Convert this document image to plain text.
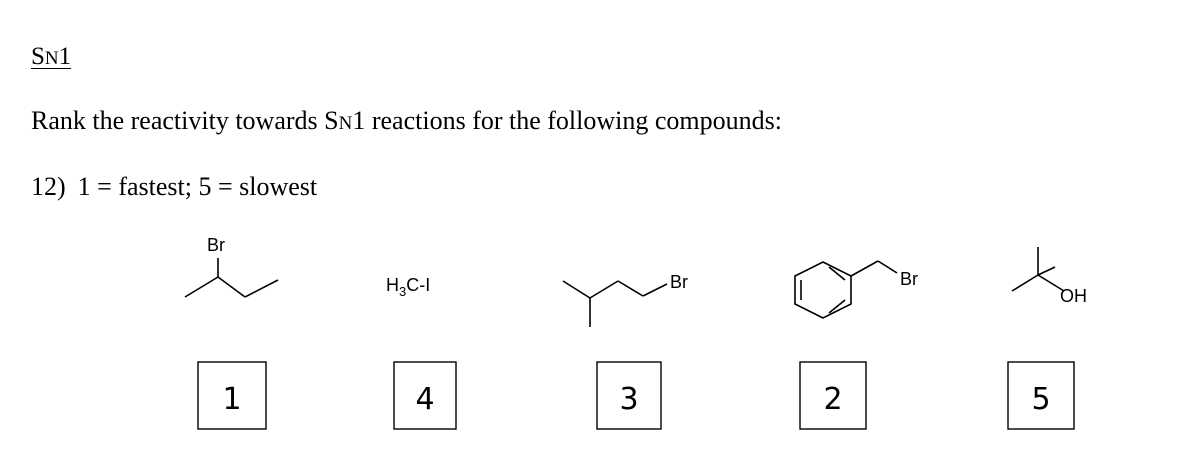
SN1
Rank the reactivity towards SN1 reactions for the following compounds:
12) 1 = fastest; 5 = slowest
Br
$H_3C-I$	Br	Br
OH
1	4	3	2	5
